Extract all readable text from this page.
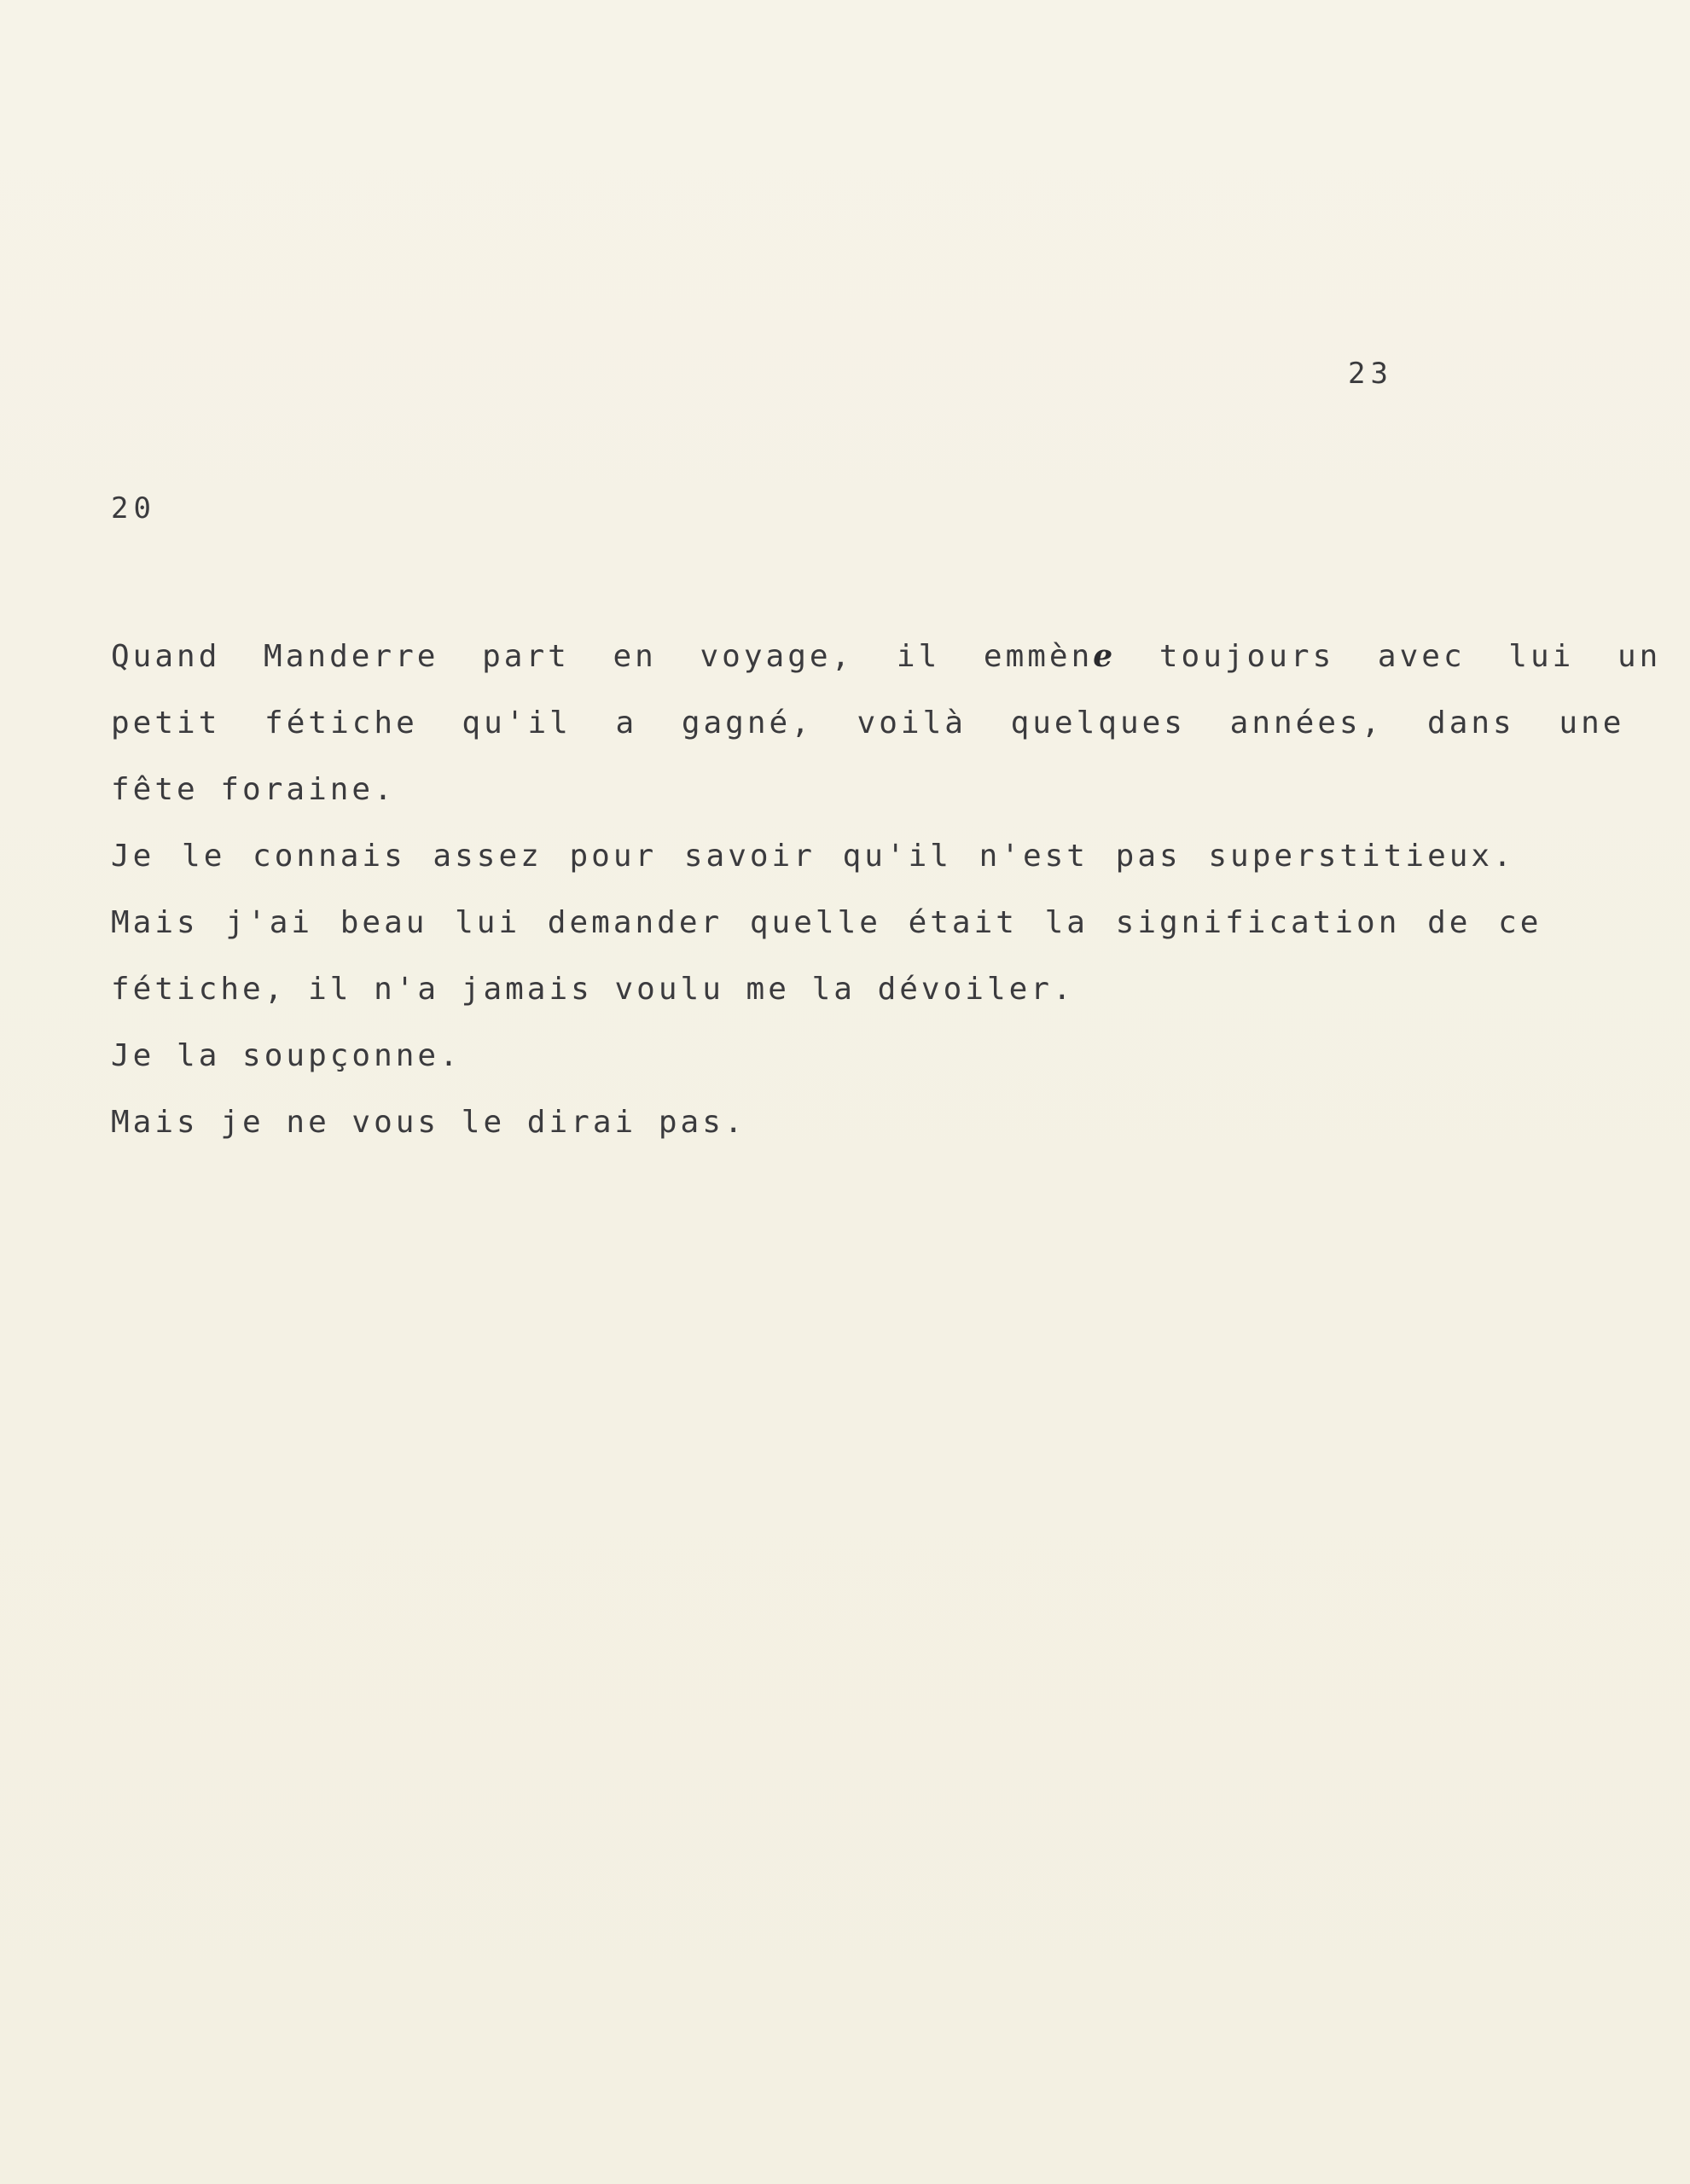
23
20
Quand Manderre part en voyage, il emmène toujours avec lui un
petit fétiche qu'il a gagné, voilà quelques années, dans une
fête foraine.
Je le connais assez pour savoir qu'il n'est pas superstitieux.
Mais j'ai beau lui demander quelle était la signification de ce
fétiche, il n'a jamais voulu me la dévoiler.
Je la soupçonne.
Mais je ne vous le dirai pas.
